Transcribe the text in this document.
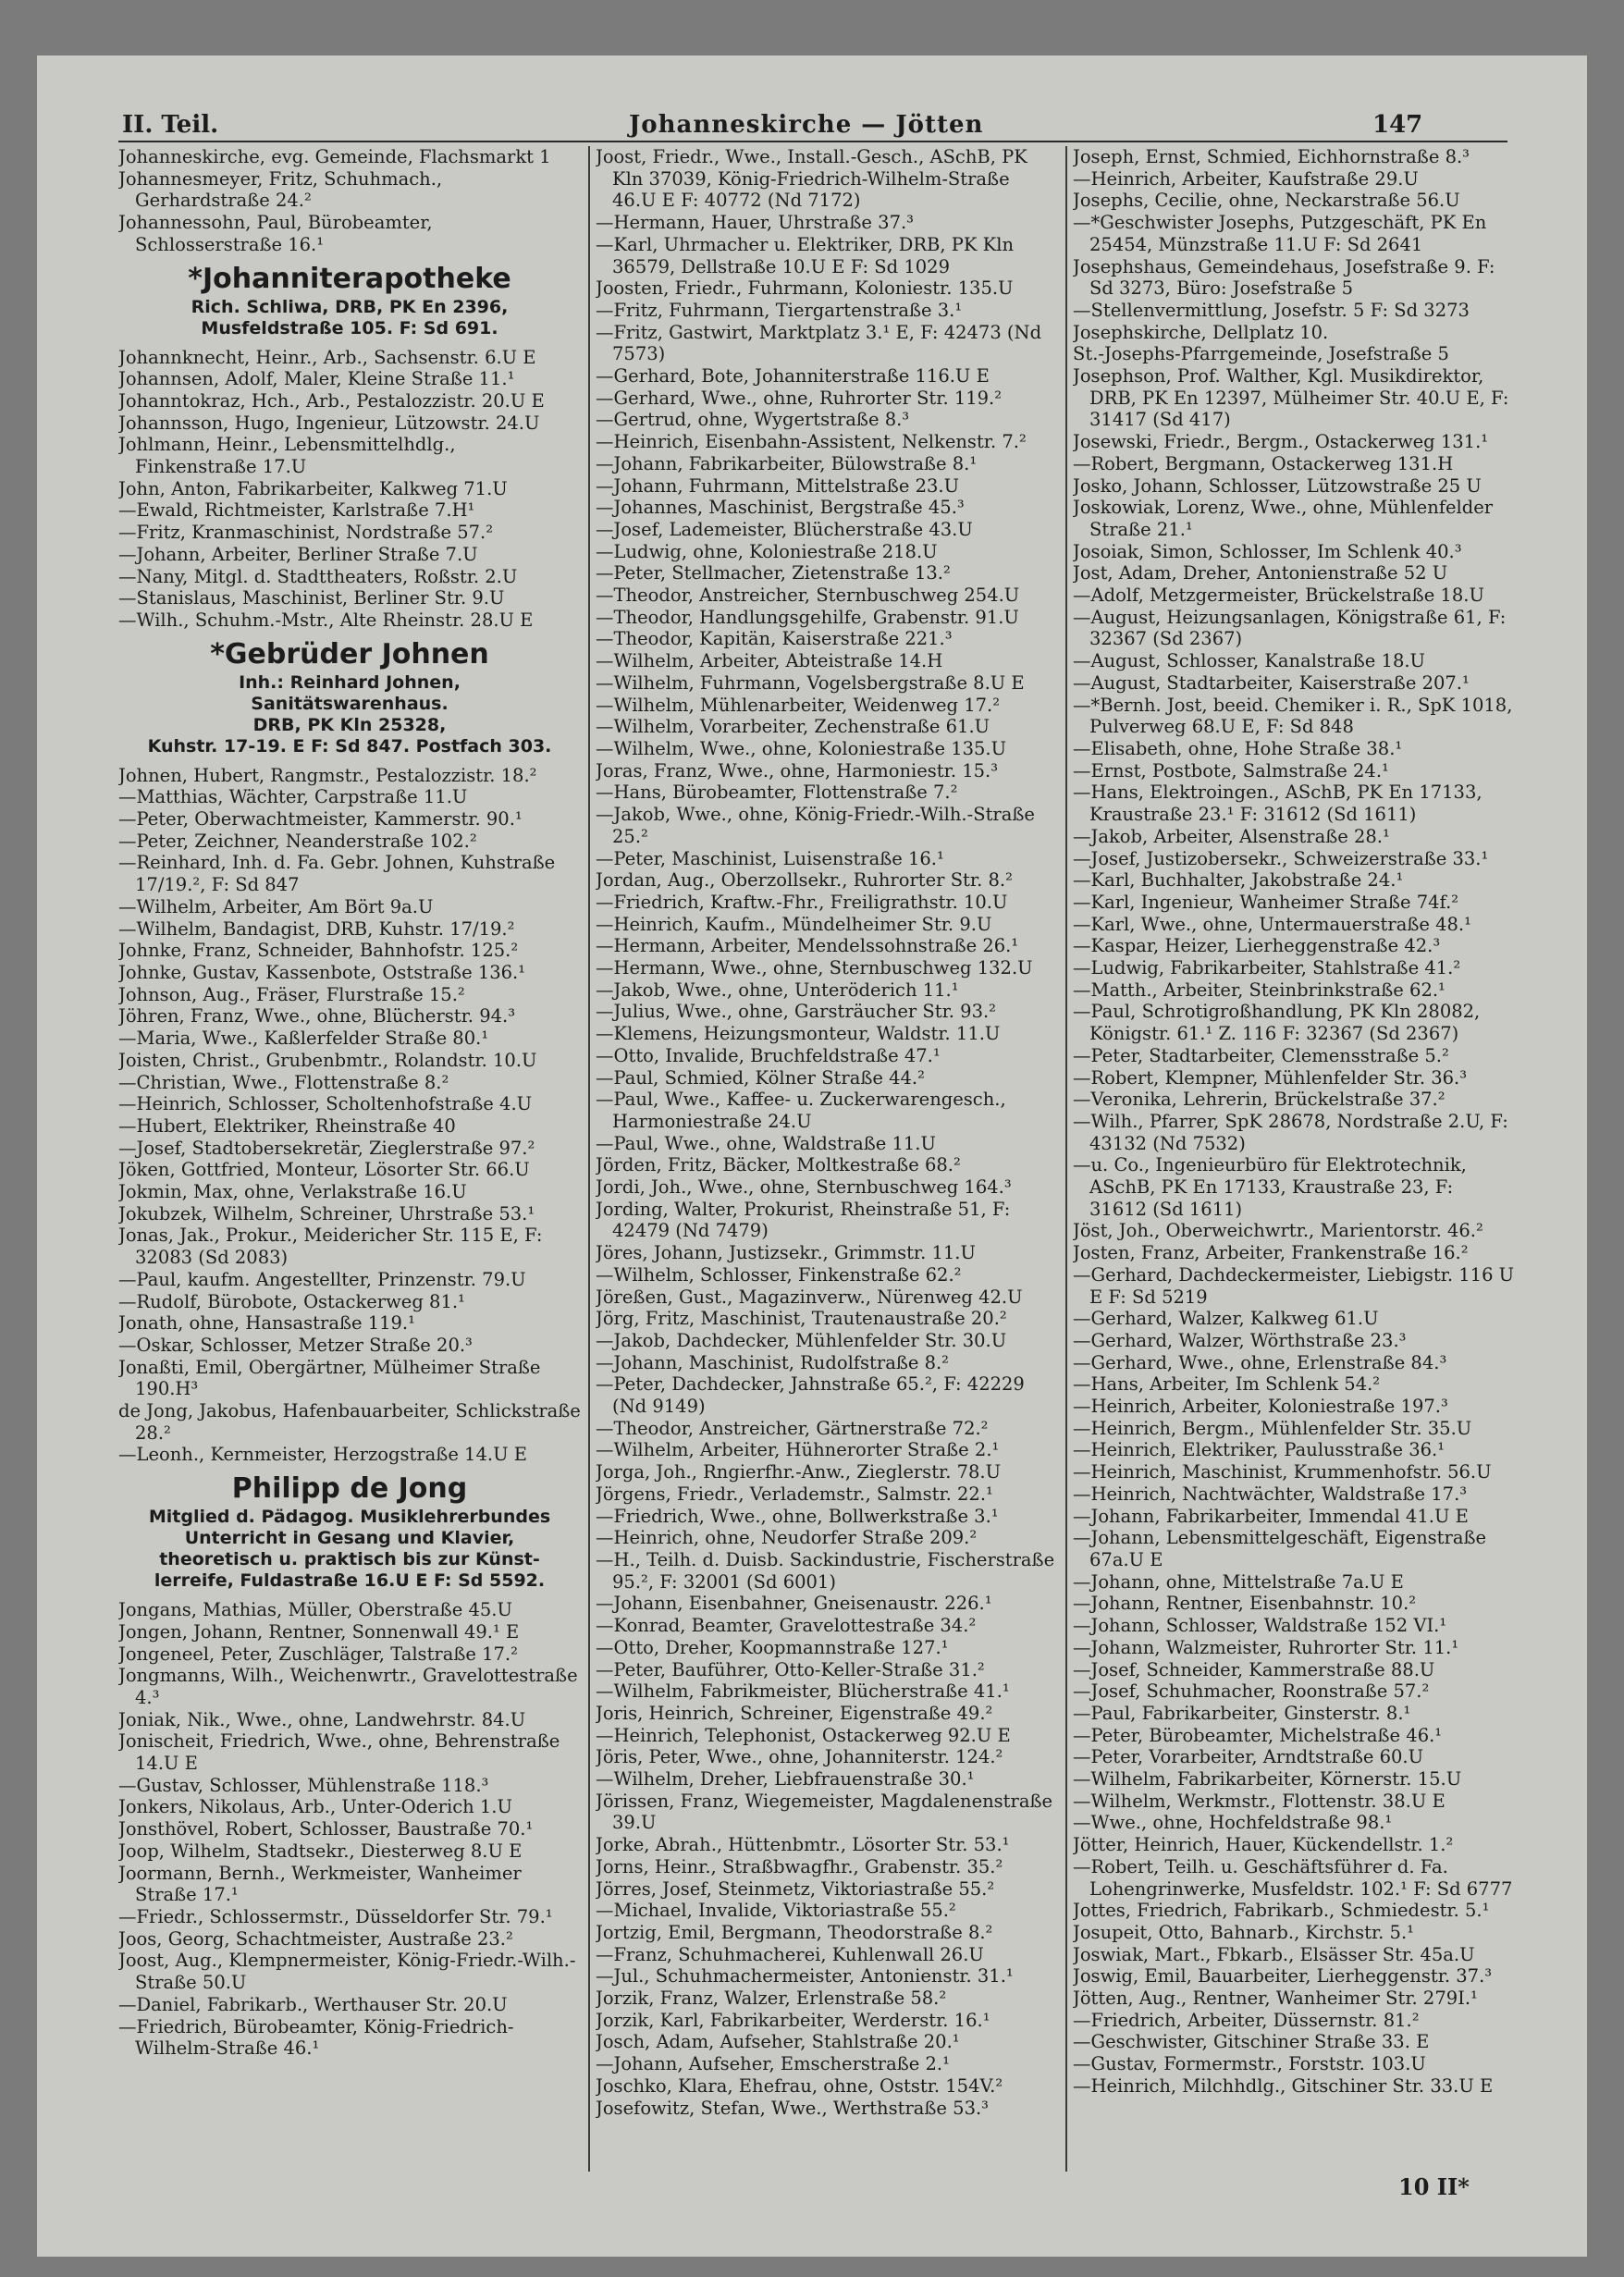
II. Teil.	Johanneskirche — Jötten	147

Johanneskirche, evg. Gemeinde, Flachsmarkt 1

Johannesmeyer, Fritz, Schuhmach., Gerhardstraße 24.²

Johannessohn, Paul, Bürobeamter, Schlosserstraße 16.¹

*Johanniterapotheke
Rich. Schliwa, DRB, PK En 2396,
Musfeldstraße 105. F: Sd 691.

Johannknecht, Heinr., Arb., Sachsenstr. 6.U E

Johannsen, Adolf, Maler, Kleine Straße 11.¹

Johanntokraz, Hch., Arb., Pestalozzistr. 20.U E

Johannsson, Hugo, Ingenieur, Lützowstr. 24.U

Johlmann, Heinr., Lebensmittelhdlg., Finkenstraße 17.U

John, Anton, Fabrikarbeiter, Kalkweg 71.U

—Ewald, Richtmeister, Karlstraße 7.H¹

—Fritz, Kranmaschinist, Nordstraße 57.²

—Johann, Arbeiter, Berliner Straße 7.U

—Nany, Mitgl. d. Stadttheaters, Roßstr. 2.U

—Stanislaus, Maschinist, Berliner Str. 9.U

—Wilh., Schuhm.-Mstr., Alte Rheinstr. 28.U E

*Gebrüder Johnen
Inh.: Reinhard Johnen,
Sanitätswarenhaus.
DRB, PK Kln 25328,
Kuhstr. 17-19. E F: Sd 847. Postfach 303.

Johnen, Hubert, Rangmstr., Pestalozzistr. 18.²

—Matthias, Wächter, Carpstraße 11.U

—Peter, Oberwachtmeister, Kammerstr. 90.¹

—Peter, Zeichner, Neanderstraße 102.²

—Reinhard, Inh. d. Fa. Gebr. Johnen, Kuhstraße 17/19.², F: Sd 847

—Wilhelm, Arbeiter, Am Bört 9a.U

—Wilhelm, Bandagist, DRB, Kuhstr. 17/19.²

Johnke, Franz, Schneider, Bahnhofstr. 125.²

Johnke, Gustav, Kassenbote, Oststraße 136.¹

Johnson, Aug., Fräser, Flurstraße 15.²

Jöhren, Franz, Wwe., ohne, Blücherstr. 94.³

—Maria, Wwe., Kaßlerfelder Straße 80.¹

Joisten, Christ., Grubenbmtr., Rolandstr. 10.U

—Christian, Wwe., Flottenstraße 8.²

—Heinrich, Schlosser, Scholtenhofstraße 4.U

—Hubert, Elektriker, Rheinstraße 40

—Josef, Stadtobersekretär, Zieglerstraße 97.²

Jöken, Gottfried, Monteur, Lösorter Str. 66.U

Jokmin, Max, ohne, Verlakstraße 16.U

Jokubzek, Wilhelm, Schreiner, Uhrstraße 53.¹

Jonas, Jak., Prokur., Meidericher Str. 115 E, F: 32083 (Sd 2083)

—Paul, kaufm. Angestellter, Prinzenstr. 79.U

—Rudolf, Bürobote, Ostackerweg 81.¹

Jonath, ohne, Hansastraße 119.¹

—Oskar, Schlosser, Metzer Straße 20.³

Jonaßti, Emil, Obergärtner, Mülheimer Straße 190.H³

de Jong, Jakobus, Hafenbauarbeiter, Schlickstraße 28.²

—Leonh., Kernmeister, Herzogstraße 14.U E

Philipp de Jong
Mitglied d. Pädagog. Musiklehrerbundes
Unterricht in Gesang und Klavier,
theoretisch u. praktisch bis zur Künst-
lerreife, Fuldastraße 16.U E F: Sd 5592.

Jongans, Mathias, Müller, Oberstraße 45.U

Jongen, Johann, Rentner, Sonnenwall 49.¹ E

Jongeneel, Peter, Zuschläger, Talstraße 17.²

Jongmanns, Wilh., Weichenwrtr., Gravelottestraße 4.³

Joniak, Nik., Wwe., ohne, Landwehrstr. 84.U

Jonischeit, Friedrich, Wwe., ohne, Behrenstraße 14.U E

—Gustav, Schlosser, Mühlenstraße 118.³

Jonkers, Nikolaus, Arb., Unter-Oderich 1.U

Jonsthövel, Robert, Schlosser, Baustraße 70.¹

Joop, Wilhelm, Stadtsekr., Diesterweg 8.U E

Joormann, Bernh., Werkmeister, Wanheimer Straße 17.¹

—Friedr., Schlossermstr., Düsseldorfer Str. 79.¹

Joos, Georg, Schachtmeister, Austraße 23.²

Joost, Aug., Klempnermeister, König-Friedr.-Wilh.-Straße 50.U

—Daniel, Fabrikarb., Werthauser Str. 20.U

—Friedrich, Bürobeamter, König-Friedrich-Wilhelm-Straße 46.¹

Joost, Friedr., Wwe., Install.-Gesch., ASchB, PK Kln 37039, König-Friedrich-Wilhelm-Straße 46.U E F: 40772 (Nd 7172)

—Hermann, Hauer, Uhrstraße 37.³

—Karl, Uhrmacher u. Elektriker, DRB, PK Kln 36579, Dellstraße 10.U E F: Sd 1029

Joosten, Friedr., Fuhrmann, Koloniestr. 135.U

—Fritz, Fuhrmann, Tiergartenstraße 3.¹

—Fritz, Gastwirt, Marktplatz 3.¹ E, F: 42473 (Nd 7573)

—Gerhard, Bote, Johanniterstraße 116.U E

—Gerhard, Wwe., ohne, Ruhrorter Str. 119.²

—Gertrud, ohne, Wygertstraße 8.³

—Heinrich, Eisenbahn-Assistent, Nelkenstr. 7.²

—Johann, Fabrikarbeiter, Bülowstraße 8.¹

—Johann, Fuhrmann, Mittelstraße 23.U

—Johannes, Maschinist, Bergstraße 45.³

—Josef, Lademeister, Blücherstraße 43.U

—Ludwig, ohne, Koloniestraße 218.U

—Peter, Stellmacher, Zietenstraße 13.²

—Theodor, Anstreicher, Sternbuschweg 254.U

—Theodor, Handlungsgehilfe, Grabenstr. 91.U

—Theodor, Kapitän, Kaiserstraße 221.³

—Wilhelm, Arbeiter, Abteistraße 14.H

—Wilhelm, Fuhrmann, Vogelsbergstraße 8.U E

—Wilhelm, Mühlenarbeiter, Weidenweg 17.²

—Wilhelm, Vorarbeiter, Zechenstraße 61.U

—Wilhelm, Wwe., ohne, Koloniestraße 135.U

Joras, Franz, Wwe., ohne, Harmoniestr. 15.³

—Hans, Bürobeamter, Flottenstraße 7.²

—Jakob, Wwe., ohne, König-Friedr.-Wilh.-Straße 25.²

—Peter, Maschinist, Luisenstraße 16.¹

Jordan, Aug., Oberzollsekr., Ruhrorter Str. 8.²

—Friedrich, Kraftw.-Fhr., Freiligrathstr. 10.U

—Heinrich, Kaufm., Mündelheimer Str. 9.U

—Hermann, Arbeiter, Mendelssohnstraße 26.¹

—Hermann, Wwe., ohne, Sternbuschweg 132.U

—Jakob, Wwe., ohne, Unteröderich 11.¹

—Julius, Wwe., ohne, Garsträucher Str. 93.²

—Klemens, Heizungsmonteur, Waldstr. 11.U

—Otto, Invalide, Bruchfeldstraße 47.¹

—Paul, Schmied, Kölner Straße 44.²

—Paul, Wwe., Kaffee- u. Zuckerwarengesch., Harmoniestraße 24.U

—Paul, Wwe., ohne, Waldstraße 11.U

Jörden, Fritz, Bäcker, Moltkestraße 68.²

Jordi, Joh., Wwe., ohne, Sternbuschweg 164.³

Jording, Walter, Prokurist, Rheinstraße 51, F: 42479 (Nd 7479)

Jöres, Johann, Justizsekr., Grimmstr. 11.U

—Wilhelm, Schlosser, Finkenstraße 62.²

Jöreßen, Gust., Magazinverw., Nürenweg 42.U

Jörg, Fritz, Maschinist, Trautenaustraße 20.²

—Jakob, Dachdecker, Mühlenfelder Str. 30.U

—Johann, Maschinist, Rudolfstraße 8.²

—Peter, Dachdecker, Jahnstraße 65.², F: 42229 (Nd 9149)

—Theodor, Anstreicher, Gärtnerstraße 72.²

—Wilhelm, Arbeiter, Hühnerorter Straße 2.¹

Jorga, Joh., Rngierfhr.-Anw., Zieglerstr. 78.U

Jörgens, Friedr., Verlademstr., Salmstr. 22.¹

—Friedrich, Wwe., ohne, Bollwerkstraße 3.¹

—Heinrich, ohne, Neudorfer Straße 209.²

—H., Teilh. d. Duisb. Sackindustrie, Fischerstraße 95.², F: 32001 (Sd 6001)

—Johann, Eisenbahner, Gneisenaustr. 226.¹

—Konrad, Beamter, Gravelottestraße 34.²

—Otto, Dreher, Koopmannstraße 127.¹

—Peter, Bauführer, Otto-Keller-Straße 31.²

—Wilhelm, Fabrikmeister, Blücherstraße 41.¹

Joris, Heinrich, Schreiner, Eigenstraße 49.²

—Heinrich, Telephonist, Ostackerweg 92.U E

Jöris, Peter, Wwe., ohne, Johanniterstr. 124.²

—Wilhelm, Dreher, Liebfrauenstraße 30.¹

Jörissen, Franz, Wiegemeister, Magdalenenstraße 39.U

Jorke, Abrah., Hüttenbmtr., Lösorter Str. 53.¹

Jorns, Heinr., Straßbwagfhr., Grabenstr. 35.²

Jörres, Josef, Steinmetz, Viktoriastraße 55.²

—Michael, Invalide, Viktoriastraße 55.²

Jortzig, Emil, Bergmann, Theodorstraße 8.²

—Franz, Schuhmacherei, Kuhlenwall 26.U

—Jul., Schuhmachermeister, Antonienstr. 31.¹

Jorzik, Franz, Walzer, Erlenstraße 58.²

Jorzik, Karl, Fabrikarbeiter, Werderstr. 16.¹

Josch, Adam, Aufseher, Stahlstraße 20.¹

—Johann, Aufseher, Emscherstraße 2.¹

Joschko, Klara, Ehefrau, ohne, Oststr. 154V.²

Josefowitz, Stefan, Wwe., Werthstraße 53.³

Joseph, Ernst, Schmied, Eichhornstraße 8.³

—Heinrich, Arbeiter, Kaufstraße 29.U

Josephs, Cecilie, ohne, Neckarstraße 56.U

—*Geschwister Josephs, Putzgeschäft, PK En 25454, Münzstraße 11.U F: Sd 2641

Josephshaus, Gemeindehaus, Josefstraße 9. F: Sd 3273, Büro: Josefstraße 5

—Stellenvermittlung, Josefstr. 5 F: Sd 3273

Josephskirche, Dellplatz 10.

St.-Josephs-Pfarrgemeinde, Josefstraße 5

Josephson, Prof. Walther, Kgl. Musikdirektor, DRB, PK En 12397, Mülheimer Str. 40.U E, F: 31417 (Sd 417)

Josewski, Friedr., Bergm., Ostackerweg 131.¹

—Robert, Bergmann, Ostackerweg 131.H

Josko, Johann, Schlosser, Lützowstraße 25 U

Joskowiak, Lorenz, Wwe., ohne, Mühlenfelder Straße 21.¹

Josoiak, Simon, Schlosser, Im Schlenk 40.³

Jost, Adam, Dreher, Antonienstraße 52 U

—Adolf, Metzgermeister, Brückelstraße 18.U

—August, Heizungsanlagen, Königstraße 61, F: 32367 (Sd 2367)

—August, Schlosser, Kanalstraße 18.U

—August, Stadtarbeiter, Kaiserstraße 207.¹

—*Bernh. Jost, beeid. Chemiker i. R., SpK 1018, Pulverweg 68.U E, F: Sd 848

—Elisabeth, ohne, Hohe Straße 38.¹

—Ernst, Postbote, Salmstraße 24.¹

—Hans, Elektroingen., ASchB, PK En 17133, Kraustraße 23.¹ F: 31612 (Sd 1611)

—Jakob, Arbeiter, Alsenstraße 28.¹

—Josef, Justizobersekr., Schweizerstraße 33.¹

—Karl, Buchhalter, Jakobstraße 24.¹

—Karl, Ingenieur, Wanheimer Straße 74f.²

—Karl, Wwe., ohne, Untermauerstraße 48.¹

—Kaspar, Heizer, Lierheggenstraße 42.³

—Ludwig, Fabrikarbeiter, Stahlstraße 41.²

—Matth., Arbeiter, Steinbrinkstraße 62.¹

—Paul, Schrotigroßhandlung, PK Kln 28082, Königstr. 61.¹ Z. 116 F: 32367 (Sd 2367)

—Peter, Stadtarbeiter, Clemensstraße 5.²

—Robert, Klempner, Mühlenfelder Str. 36.³

—Veronika, Lehrerin, Brückelstraße 37.²

—Wilh., Pfarrer, SpK 28678, Nordstraße 2.U, F: 43132 (Nd 7532)

—u. Co., Ingenieurbüro für Elektrotechnik, ASchB, PK En 17133, Kraustraße 23, F: 31612 (Sd 1611)

Jöst, Joh., Oberweichwrtr., Marientorstr. 46.²

Josten, Franz, Arbeiter, Frankenstraße 16.²

—Gerhard, Dachdeckermeister, Liebigstr. 116 U E F: Sd 5219

—Gerhard, Walzer, Kalkweg 61.U

—Gerhard, Walzer, Wörthstraße 23.³

—Gerhard, Wwe., ohne, Erlenstraße 84.³

—Hans, Arbeiter, Im Schlenk 54.²

—Heinrich, Arbeiter, Koloniestraße 197.³

—Heinrich, Bergm., Mühlenfelder Str. 35.U

—Heinrich, Elektriker, Paulusstraße 36.¹

—Heinrich, Maschinist, Krummenhofstr. 56.U

—Heinrich, Nachtwächter, Waldstraße 17.³

—Johann, Fabrikarbeiter, Immendal 41.U E

—Johann, Lebensmittelgeschäft, Eigenstraße 67a.U E

—Johann, ohne, Mittelstraße 7a.U E

—Johann, Rentner, Eisenbahnstr. 10.²

—Johann, Schlosser, Waldstraße 152 VI.¹

—Johann, Walzmeister, Ruhrorter Str. 11.¹

—Josef, Schneider, Kammerstraße 88.U

—Josef, Schuhmacher, Roonstraße 57.²

—Paul, Fabrikarbeiter, Ginsterstr. 8.¹

—Peter, Bürobeamter, Michelstraße 46.¹

—Peter, Vorarbeiter, Arndtstraße 60.U

—Wilhelm, Fabrikarbeiter, Körnerstr. 15.U

—Wilhelm, Werkmstr., Flottenstr. 38.U E

—Wwe., ohne, Hochfeldstraße 98.¹

Jötter, Heinrich, Hauer, Kückendellstr. 1.²

—Robert, Teilh. u. Geschäftsführer d. Fa. Lohengrinwerke, Musfeldstr. 102.¹ F: Sd 6777

Jottes, Friedrich, Fabrikarb., Schmiedestr. 5.¹

Josupeit, Otto, Bahnarb., Kirchstr. 5.¹

Joswiak, Mart., Fbkarb., Elsässer Str. 45a.U

Joswig, Emil, Bauarbeiter, Lierheggenstr. 37.³

Jötten, Aug., Rentner, Wanheimer Str. 279I.¹

—Friedrich, Arbeiter, Düssernstr. 81.²

—Geschwister, Gitschiner Straße 33. E

—Gustav, Formermstr., Forststr. 103.U

—Heinrich, Milchhdlg., Gitschiner Str. 33.U E

10 II*
